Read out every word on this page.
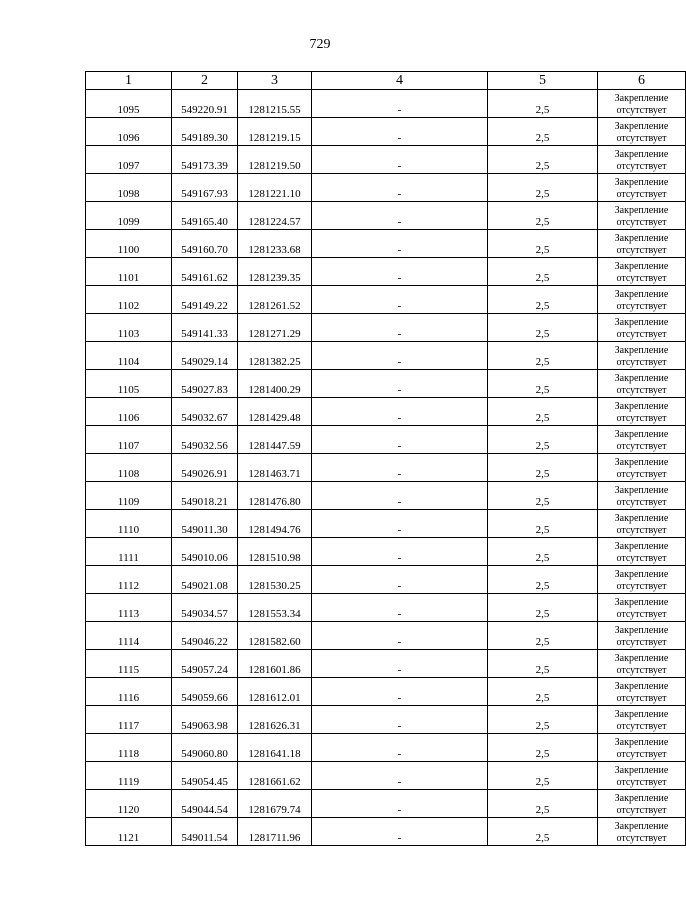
729
1	2	3	4	5	6
1095	549220.91	1281215.55	-	2,5	Закрепление
отсутствует

1096	549189.30	1281219.15	-	2,5	Закрепление
отсутствует

1097	549173.39	1281219.50	-	2,5	Закрепление
отсутствует

1098	549167.93	1281221.10	-	2,5	Закрепление
отсутствует

1099	549165.40	1281224.57	-	2,5	Закрепление
отсутствует

1100	549160.70	1281233.68	-	2,5	Закрепление
отсутствует

1101	549161.62	1281239.35	-	2,5	Закрепление
отсутствует

1102	549149.22	1281261.52	-	2,5	Закрепление
отсутствует

1103	549141.33	1281271.29	-	2,5	Закрепление
отсутствует

1104	549029.14	1281382.25	-	2,5	Закрепление
отсутствует

1105	549027.83	1281400.29	-	2,5	Закрепление
отсутствует

1106	549032.67	1281429.48	-	2,5	Закрепление
отсутствует

1107	549032.56	1281447.59	-	2,5	Закрепление
отсутствует

1108	549026.91	1281463.71	-	2,5	Закрепление
отсутствует

1109	549018.21	1281476.80	-	2,5	Закрепление
отсутствует

1110	549011.30	1281494.76	-	2,5	Закрепление
отсутствует

1111	549010.06	1281510.98	-	2,5	Закрепление
отсутствует

1112	549021.08	1281530.25	-	2,5	Закрепление
отсутствует

1113	549034.57	1281553.34	-	2,5	Закрепление
отсутствует

1114	549046.22	1281582.60	-	2,5	Закрепление
отсутствует

1115	549057.24	1281601.86	-	2,5	Закрепление
отсутствует

1116	549059.66	1281612.01	-	2,5	Закрепление
отсутствует

1117	549063.98	1281626.31	-	2,5	Закрепление
отсутствует

1118	549060.80	1281641.18	-	2,5	Закрепление
отсутствует

1119	549054.45	1281661.62	-	2,5	Закрепление
отсутствует

1120	549044.54	1281679.74	-	2,5	Закрепление
отсутствует

1121	549011.54	1281711.96	-	2,5	Закрепление
отсутствует
